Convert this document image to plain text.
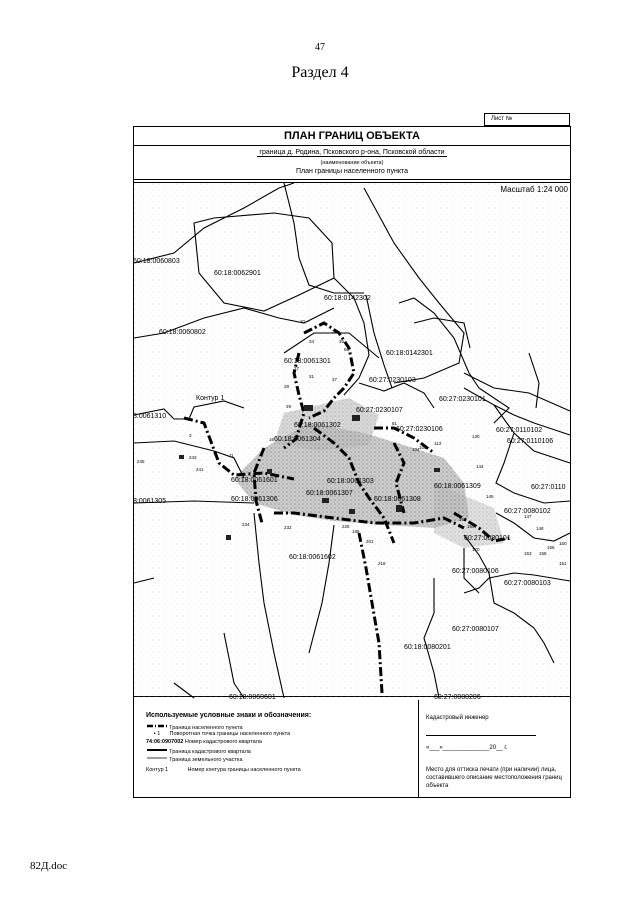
47
Раздел 4
Лист №
ПЛАН ГРАНИЦ ОБЪЕКТА
граница д. Родина, Псковского р-она, Псковской области
(наименование объекта)
План границы населенного пункта
20
33
34	35
56
27
31
37
28
29
16
11
3
245
243
241
234	165
170
160
144
145
147
148
150
151
153 155
156
185
201
218
130
104
226
232
113
105
81
60:18:0062901
60:18:0060803
60:18:0142302
60:18:0060802
60:18:0142301
60:18:0061301
60:27:0230103
60:27:0230101
Контур 1
8:0061310
60:27:0230107
60:18:0061302
60:27:0230106	60:27:0110102
60:27:0110106
60:18:0061304
60:18:0061601	60:18:0061303
60:18:0061309	60:27:0110
8:0061305	60:18:0061306
60:18:0061307
60:18:0061308
60:27:0080102
60:27:0080101
60:18:0061602
60:27:0080106
60:27:0080103
60:27:0080107
60:18:0080201
60:18:0060601	60:27:0080206
Масштаб 1:24 000
Используемые условные знаки и обозначения:
Граница населенного пункта
• 1 Поворотная точка границы населенного пункта
74:06:0907002 Номер кадастрового квартала
Граница кадастрового квартала
Граница земельного участка
Контур 1	Номер контура границы населенного пункта
Кадастровый инженер
«___»______________20__ г.
Место для оттиска печати (при наличии) лица, составившего описание местоположения границ объекта
82Д.doc
